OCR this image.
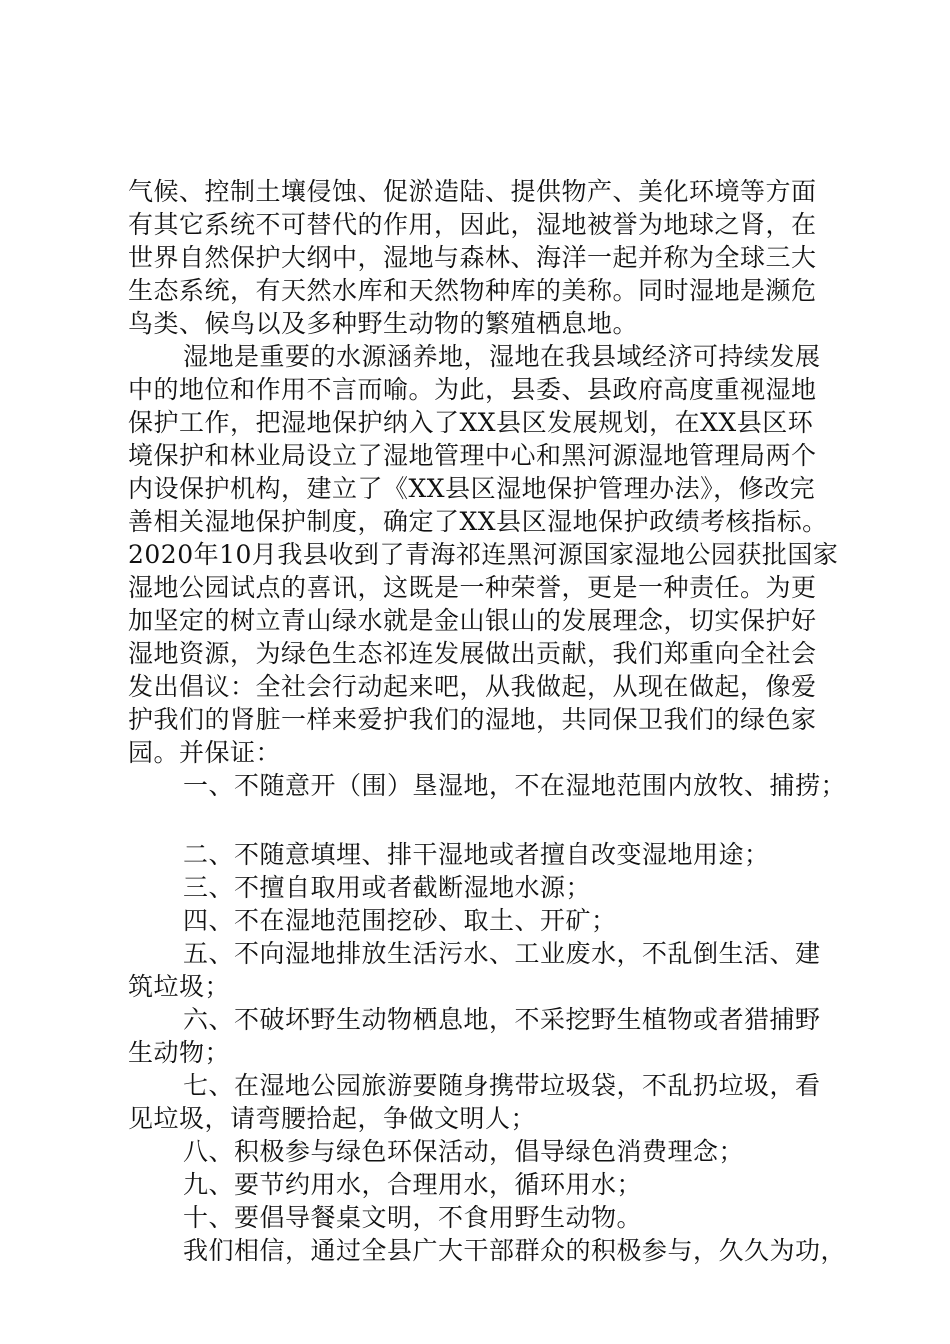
气候、控制土壤侵蚀、促淤造陆、提供物产、美化环境等方面
有其它系统不可替代的作用，因此，湿地被誉为地球之肾，在
世界自然保护大纲中，湿地与森林、海洋一起并称为全球三大
生态系统，有天然水库和天然物种库的美称。同时湿地是濒危
鸟类、候鸟以及多种野生动物的繁殖栖息地。
湿地是重要的水源涵养地，湿地在我县域经济可持续发展
中的地位和作用不言而喻。为此，县委、县政府高度重视湿地
保护工作，把湿地保护纳入了XX县区发展规划，在XX县区环
境保护和林业局设立了湿地管理中心和黑河源湿地管理局两个
内设保护机构，建立了《XX县区湿地保护管理办法》，修改完
善相关湿地保护制度，确定了XX县区湿地保护政绩考核指标。
2020年10月我县收到了青海祁连黑河源国家湿地公园获批国家
湿地公园试点的喜讯，这既是一种荣誉，更是一种责任。为更
加坚定的树立青山绿水就是金山银山的发展理念，切实保护好
湿地资源，为绿色生态祁连发展做出贡献，我们郑重向全社会
发出倡议：全社会行动起来吧，从我做起，从现在做起，像爱
护我们的肾脏一样来爱护我们的湿地，共同保卫我们的绿色家
园。并保证：
一、不随意开（围）垦湿地，不在湿地范围内放牧、捕捞；
二、不随意填埋、排干湿地或者擅自改变湿地用途；
三、不擅自取用或者截断湿地水源；
四、不在湿地范围挖砂、取土、开矿；
五、不向湿地排放生活污水、工业废水，不乱倒生活、建
筑垃圾；
六、不破坏野生动物栖息地，不采挖野生植物或者猎捕野
生动物；
七、在湿地公园旅游要随身携带垃圾袋，不乱扔垃圾，看
见垃圾，请弯腰拾起，争做文明人；
八、积极参与绿色环保活动，倡导绿色消费理念；
九、要节约用水，合理用水，循环用水；
十、要倡导餐桌文明，不食用野生动物。
我们相信，通过全县广大干部群众的积极参与，久久为功，
